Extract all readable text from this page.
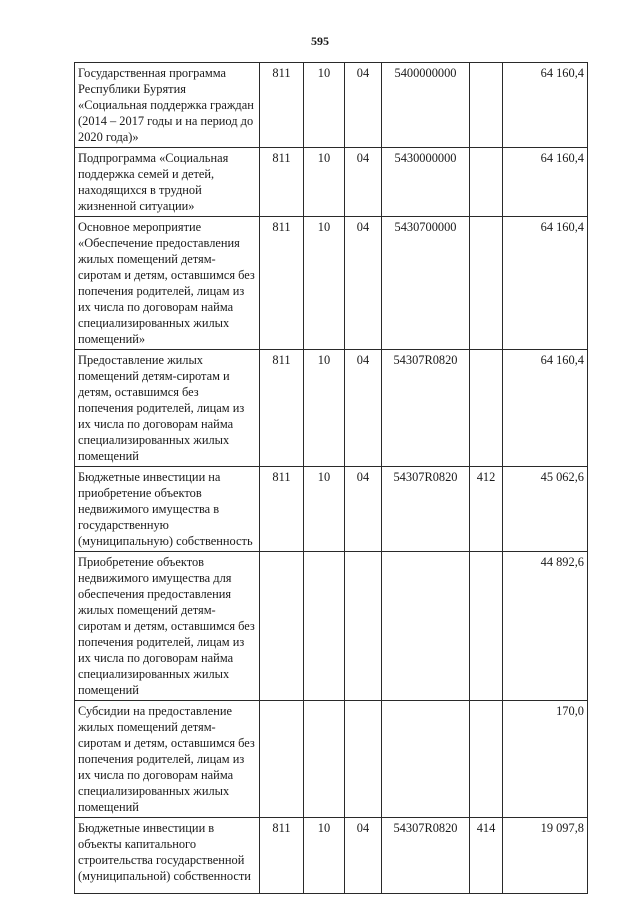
595
Государственная программа Республики Бурятия «Социальная поддержка граждан (2014 – 2017 годы и на период до 2020 года)»	811	10	04	5400000000		64 160,4
Подпрограмма «Социальная поддержка семей и детей, находящихся в трудной жизненной ситуации»	811	10	04	5430000000		64 160,4
Основное мероприятие «Обеспечение предоставления жилых помещений детям-сиротам и детям, оставшимся без попечения родителей, лицам из их числа по договорам найма специализированных жилых помещений»	811	10	04	5430700000		64 160,4
Предоставление жилых помещений детям-сиротам и детям, оставшимся без попечения родителей, лицам из их числа по договорам найма специализированных жилых помещений	811	10	04	54307R0820		64 160,4
Бюджетные инвестиции на приобретение объектов недвижимого имущества в государственную (муниципальную) собственность	811	10	04	54307R0820	412	45 062,6
Приобретение объектов недвижимого имущества для обеспечения предоставления жилых помещений детям-сиротам и детям, оставшимся без попечения родителей, лицам из их числа по договорам найма специализированных жилых помещений						44 892,6
Субсидии на предоставление жилых помещений детям-сиротам и детям, оставшимся без попечения родителей, лицам из их числа по договорам найма специализированных жилых помещений						170,0
Бюджетные инвестиции в объекты капитального строительства государственной (муниципальной) собственности	811	10	04	54307R0820	414	19 097,8
